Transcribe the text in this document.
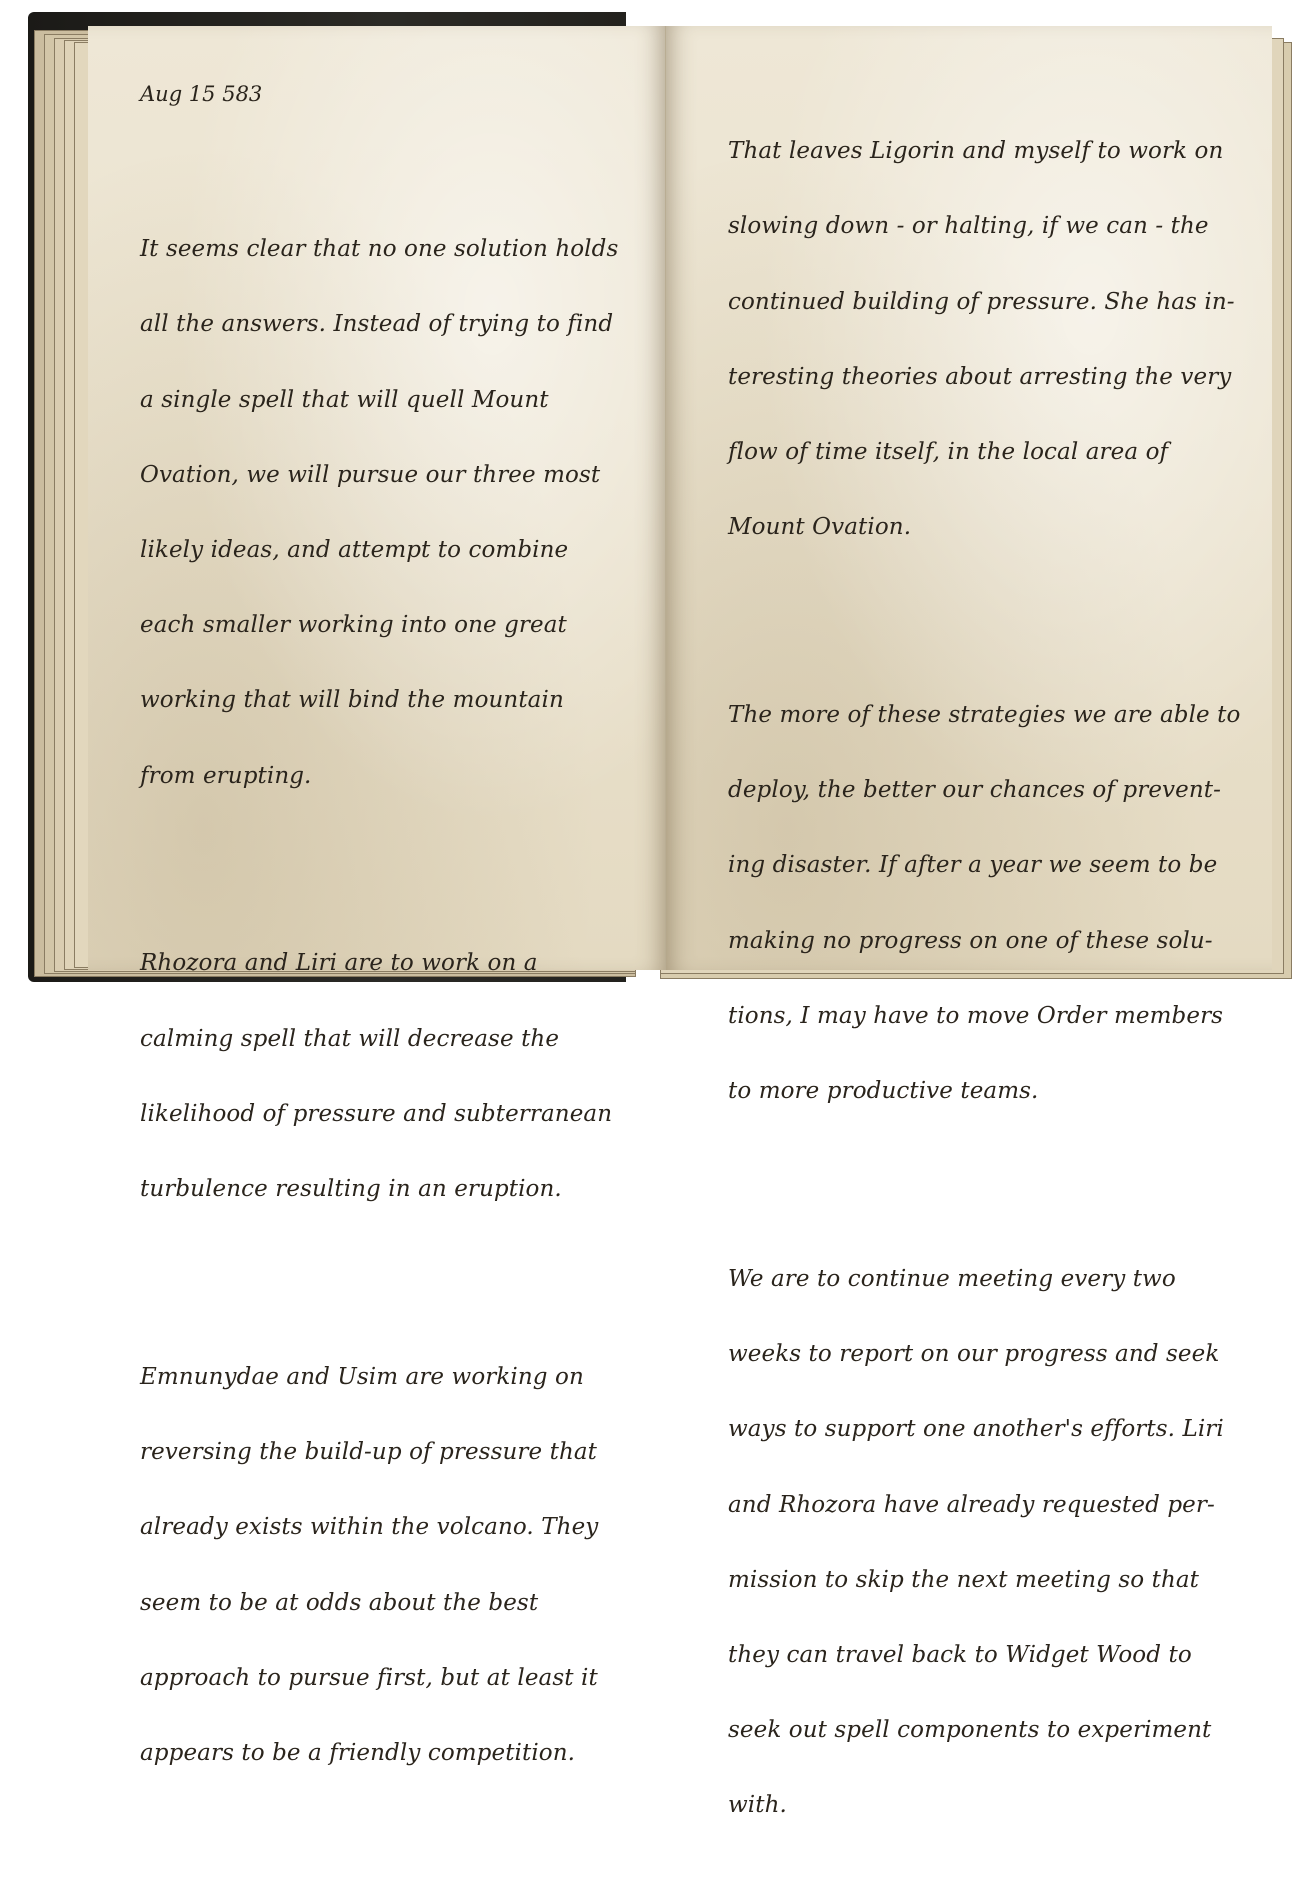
Aug 15 583

It seems clear that no one solution holds

all the answers. Instead of trying to find

a single spell that will quell Mount

Ovation, we will pursue our three most

likely ideas, and attempt to combine

each smaller working into one great

working that will bind the mountain

from erupting.

Rhozora and Liri are to work on a

calming spell that will decrease the

likelihood of pressure and subterranean

turbulence resulting in an eruption.

Emnunydae and Usim are working on

reversing the build-up of pressure that

already exists within the volcano. They

seem to be at odds about the best

approach to pursue first, but at least it

appears to be a friendly competition.

That leaves Ligorin and myself to work on

slowing down - or halting, if we can - the

continued building of pressure. She has in-

teresting theories about arresting the very

flow of time itself, in the local area of

Mount Ovation.

The more of these strategies we are able to

deploy, the better our chances of prevent-

ing disaster. If after a year we seem to be

making no progress on one of these solu-

tions, I may have to move Order members

to more productive teams.

We are to continue meeting every two

weeks to report on our progress and seek

ways to support one another's efforts. Liri

and Rhozora have already requested per-

mission to skip the next meeting so that

they can travel back to Widget Wood to

seek out spell components to experiment

with.
